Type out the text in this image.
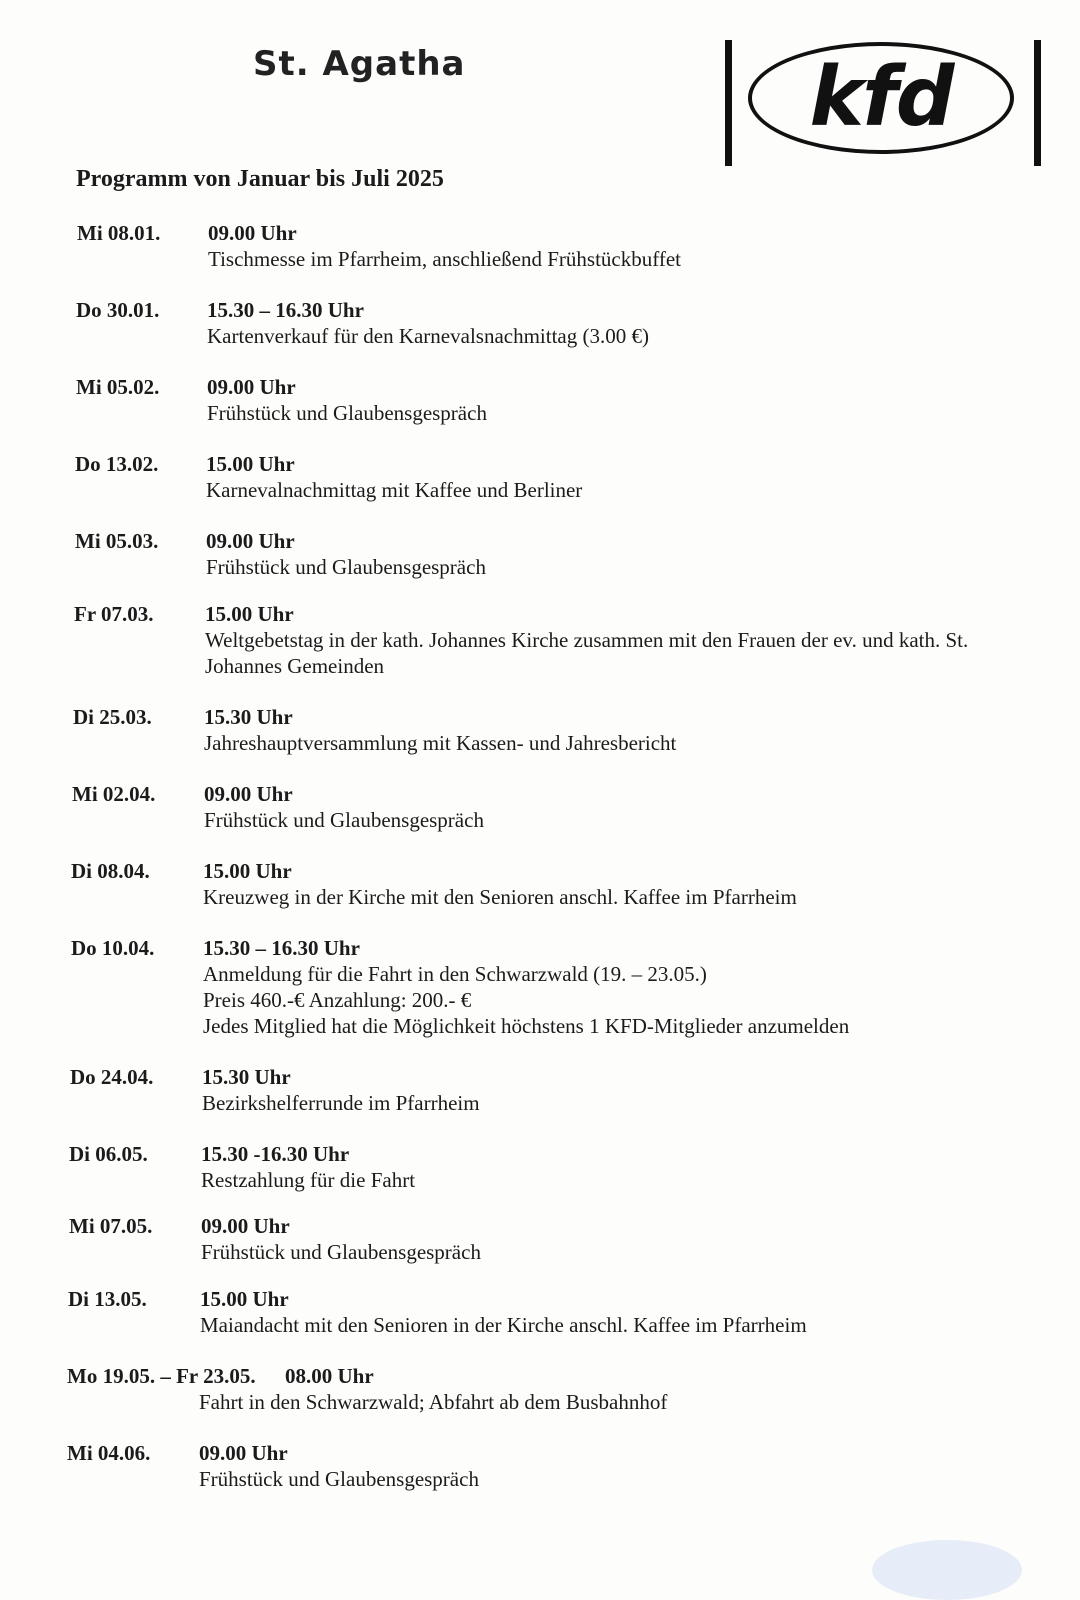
St. Agatha	kfd
Programm von Januar bis Juli 2025
Mi 08.01. 09.00 Uhr
Tischmesse im Pfarrheim, anschließend Frühstückbuffet
Do 30.01. 15.30 – 16.30 Uhr
Kartenverkauf für den Karnevalsnachmittag (3.00 €)
Mi 05.02. 09.00 Uhr
Frühstück und Glaubensgespräch
Do 13.02. 15.00 Uhr
Karnevalnachmittag mit Kaffee und Berliner
Mi 05.03. 09.00 Uhr
Frühstück und Glaubensgespräch
Fr 07.03. 15.00 Uhr
Weltgebetstag in der kath. Johannes Kirche zusammen mit den Frauen der ev. und kath. St.
Johannes Gemeinden
Di 25.03. 15.30 Uhr
Jahreshauptversammlung mit Kassen- und Jahresbericht
Mi 02.04. 09.00 Uhr
Frühstück und Glaubensgespräch
Di 08.04.	15.00 Uhr
Kreuzweg in der Kirche mit den Senioren anschl. Kaffee im Pfarrheim
Do 10.04. 15.30 – 16.30 Uhr
Anmeldung für die Fahrt in den Schwarzwald (19. – 23.05.)
Preis 460.-€ Anzahlung: 200.- €
Jedes Mitglied hat die Möglichkeit höchstens 1 KFD-Mitglieder anzumelden
Do 24.04. 15.30 Uhr
Bezirkshelferrunde im Pfarrheim
Di 06.05.	15.30 -16.30 Uhr
Restzahlung für die Fahrt
Mi 07.05. 09.00 Uhr
Frühstück und Glaubensgespräch
Di 13.05.	15.00 Uhr
Maiandacht mit den Senioren in der Kirche anschl. Kaffee im Pfarrheim
Mo 19.05. – Fr 23.05. 08.00 Uhr
Fahrt in den Schwarzwald; Abfahrt ab dem Busbahnhof
Mi 04.06. 09.00 Uhr
Frühstück und Glaubensgespräch
